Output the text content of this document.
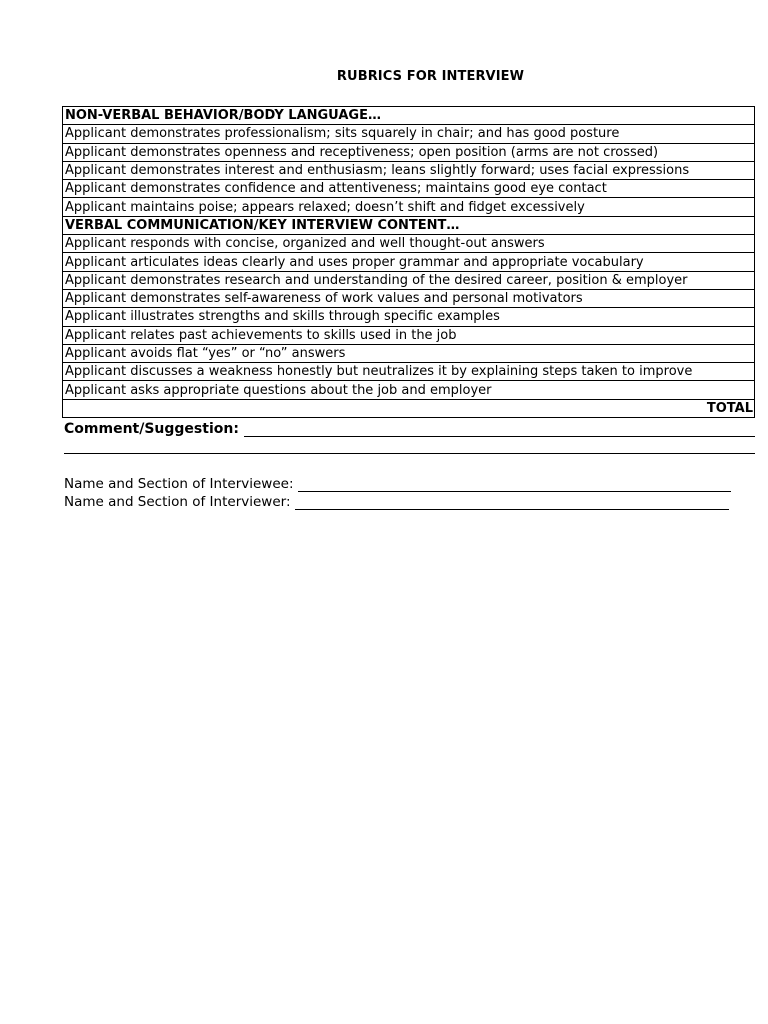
RUBRICS FOR INTERVIEW
NON-VERBAL BEHAVIOR/BODY LANGUAGE…
Applicant demonstrates professionalism; sits squarely in chair; and has good posture
Applicant demonstrates openness and receptiveness; open position (arms are not crossed)
Applicant demonstrates interest and enthusiasm; leans slightly forward; uses facial expressions
Applicant demonstrates confidence and attentiveness; maintains good eye contact
Applicant maintains poise; appears relaxed; doesn’t shift and fidget excessively
VERBAL COMMUNICATION/KEY INTERVIEW CONTENT…
Applicant responds with concise, organized and well thought-out answers
Applicant articulates ideas clearly and uses proper grammar and appropriate vocabulary
Applicant demonstrates research and understanding of the desired career, position & employer
Applicant demonstrates self-awareness of work values and personal motivators
Applicant illustrates strengths and skills through specific examples
Applicant relates past achievements to skills used in the job
Applicant avoids flat “yes” or “no” answers
Applicant discusses a weakness honestly but neutralizes it by explaining steps taken to improve
Applicant asks appropriate questions about the job and employer
TOTAL
Comment/Suggestion:
Name and Section of Interviewee:
Name and Section of Interviewer:
